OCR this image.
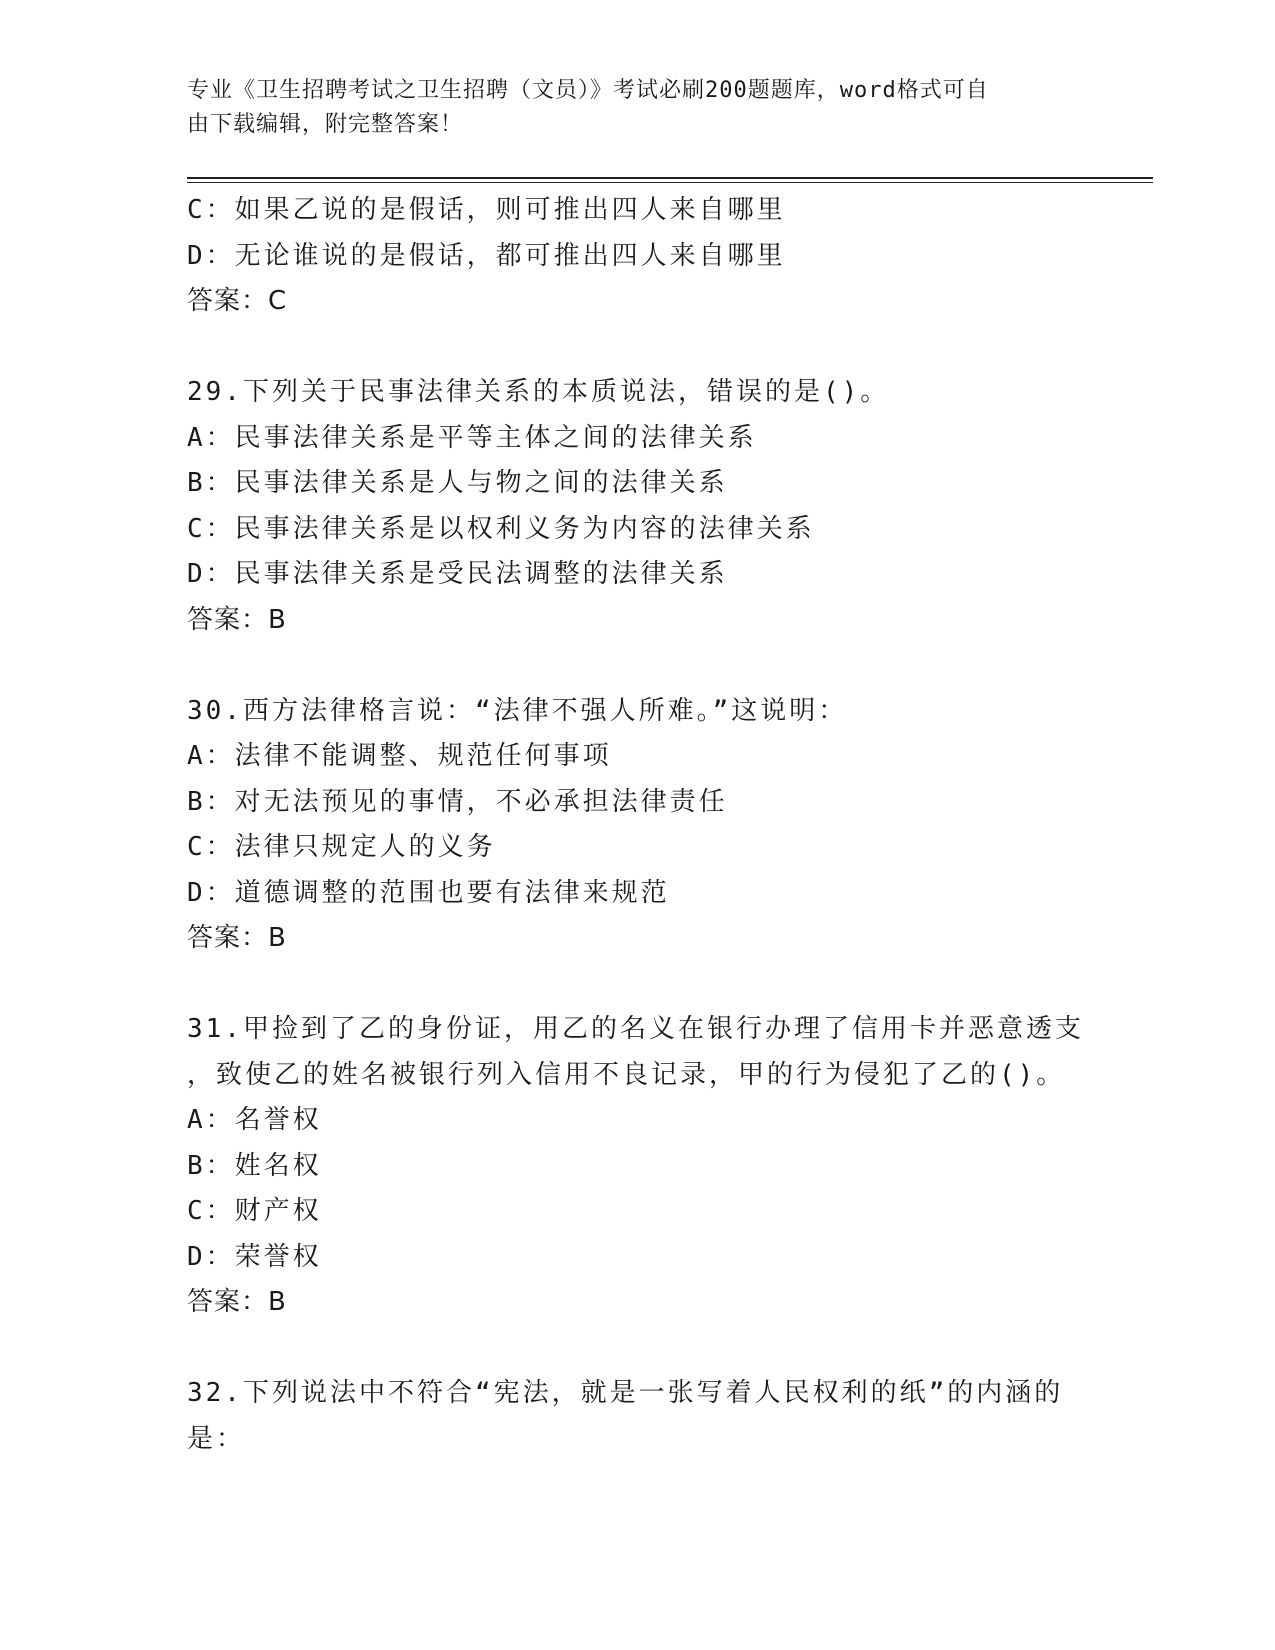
专业《卫生招聘考试之卫生招聘（文员）》考试必刷200题题库，word格式可自
由下载编辑，附完整答案！
C：如果乙说的是假话，则可推出四人来自哪里
D：无论谁说的是假话，都可推出四人来自哪里
答案：C
29.下列关于民事法律关系的本质说法，错误的是()。
A：民事法律关系是平等主体之间的法律关系
B：民事法律关系是人与物之间的法律关系
C：民事法律关系是以权利义务为内容的法律关系
D：民事法律关系是受民法调整的法律关系
答案：B
30.西方法律格言说：“法律不强人所难。”这说明：
A：法律不能调整、规范任何事项
B：对无法预见的事情，不必承担法律责任
C：法律只规定人的义务
D：道德调整的范围也要有法律来规范
答案：B
31.甲捡到了乙的身份证，用乙的名义在银行办理了信用卡并恶意透支
，致使乙的姓名被银行列入信用不良记录，甲的行为侵犯了乙的()。
A：名誉权
B：姓名权
C：财产权
D：荣誉权
答案：B
32.下列说法中不符合“宪法，就是一张写着人民权利的纸”的内涵的
是：
